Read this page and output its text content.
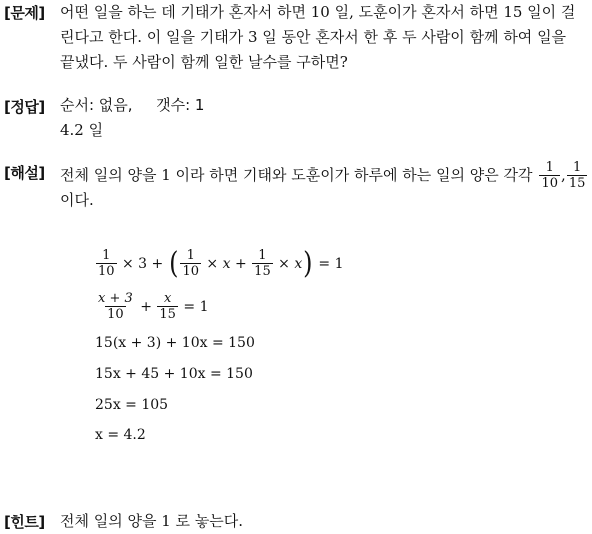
[문제] 어떤 일을 하는 데 기태가 혼자서 하면 10 일, 도훈이가 혼자서 하면 15 일이 걸
린다고 한다. 이 일을 기태가 3 일 동안 혼자서 한 후 두 사람이 함께 하여 일을
끝냈다. 두 사람이 함께 일한 날수를 구하면?
[정답] 순서: 없음, 갯수: 1
4.2 일
[해설] 전체 일의 양을 1 이라 하면 기태와 도훈이가 하루에 하는 일의 양은 각각 $\frac{1}{10}$ , $\frac{1}{15}$
이다.
$\frac{1}{10} \times 3$ + ( $\frac{1}{10} \times x + \frac{1}{15} \times x$ ) = 1
$\frac{x + 3}{10} + \frac{x}{15} = 1$
15(x + 3) + 10x = 150
15x + 45 + 10x = 150
25x = 105
x = 4.2
[힌트] 전체 일의 양을 1 로 놓는다.
